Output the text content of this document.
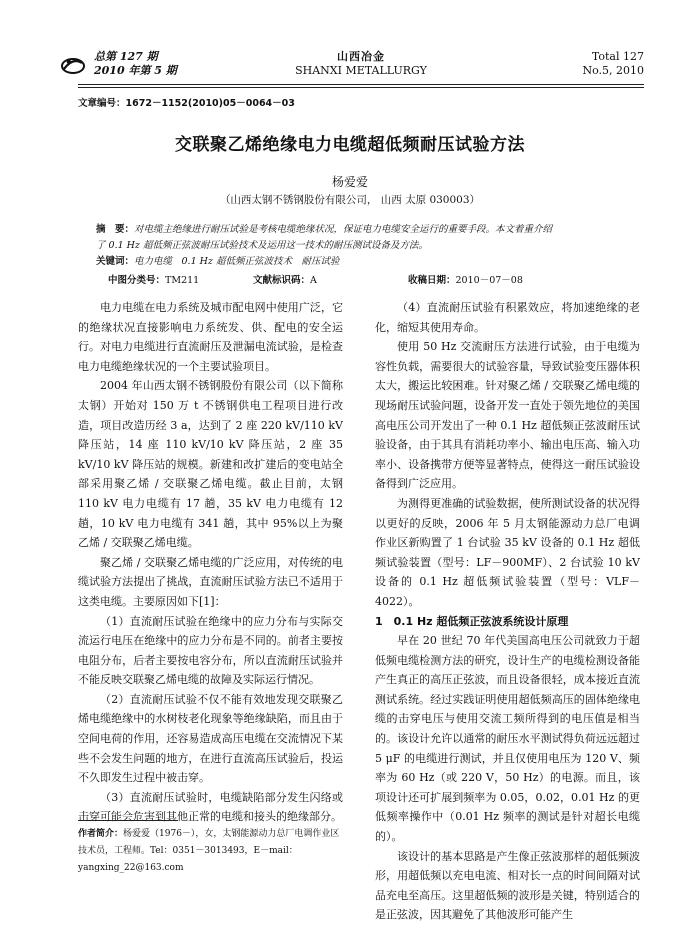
总第 127 期
2010 年第 5 期
山西冶金
SHANXI METALLURGY
Total 127
No.5, 2010
文章编号：1672－1152(2010)05－0064－03
交联聚乙烯绝缘电力电缆超低频耐压试验方法
杨爱爱
（山西太钢不锈钢股份有限公司， 山西 太原 030003）
摘　要：对电缆主绝缘进行耐压试验是考核电缆绝缘状况，保证电力电缆安全运行的重要手段。本文着重介绍
了 0.1 Hz 超低频正弦波耐压试验技术及运用这一技术的耐压测试设备及方法。
关键词：电力电缆　0.1 Hz 超低频正弦波技术　耐压试验
中图分类号：TM211	文献标识码：A	收稿日期：2010－07－08

电力电缆在电力系统及城市配电网中使用广泛，它的绝缘状况直接影响电力系统发、供、配电的安全运行。对电力电缆进行直流耐压及泄漏电流试验，是检查电力电缆绝缘状况的一个主要试验项目。

2004 年山西太钢不锈钢股份有限公司（以下简称太钢）开始对 150 万 t 不锈钢供电工程项目进行改造，项目改造历经 3 a，达到了 2 座 220 kV/110 kV 降压站，14 座 110 kV/10 kV 降压站，2 座 35 kV/10 kV 降压站的规模。新建和改扩建后的变电站全部采用聚乙烯 / 交联聚乙烯电缆。截止目前，太钢 110 kV 电力电缆有 17 趟，35 kV 电力电缆有 12 趟，10 kV 电力电缆有 341 趟，其中 95%以上为聚乙烯 / 交联聚乙烯电缆。

聚乙烯 / 交联聚乙烯电缆的广泛应用，对传统的电缆试验方法提出了挑战，直流耐压试验方法已不适用于这类电缆。主要原因如下[1]：

（1）直流耐压试验在绝缘中的应力分布与实际交流运行电压在绝缘中的应力分布是不同的。前者主要按电阻分布，后者主要按电容分布，所以直流耐压试验并不能反映交联聚乙烯电缆的故障及实际运行情况。

（2）直流耐压试验不仅不能有效地发现交联聚乙烯电缆绝缘中的水树枝老化现象等绝缘缺陷，而且由于空间电荷的作用，还容易造成高压电缆在交流情况下某些不会发生问题的地方，在进行直流高压试验后，投运不久即发生过程中被击穿。

（3）直流耐压试验时，电缆缺陷部分发生闪络或击穿可能会危害到其他正常的电缆和接头的绝缘部分。

（4）直流耐压试验有积累效应，将加速绝缘的老化，缩短其使用寿命。

使用 50 Hz 交流耐压方法进行试验，由于电缆为容性负载，需要很大的试验容量，导致试验变压器体积太大，搬运比较困难。针对聚乙烯 / 交联聚乙烯电缆的现场耐压试验问题，设备开发一直处于领先地位的美国高电压公司开发出了一种 0.1 Hz 超低频正弦波耐压试验设备，由于其具有消耗功率小、输出电压高、输入功率小、设备携带方便等显著特点，使得这一耐压试验设备得到广泛应用。

为测得更准确的试验数据，使所测试设备的状况得以更好的反映，2006 年 5 月太钢能源动力总厂电调作业区新购置了 1 台试验 35 kV 设备的 0.1 Hz 超低频试验装置（型号：LF－900MF）、2 台试验 10 kV 设备的 0.1 Hz 超低频试验装置（型号：VLF－4022）。

1　0.1 Hz 超低频正弦波系统设计原理

早在 20 世纪 70 年代美国高电压公司就致力于超低频电缆检测方法的研究，设计生产的电缆检测设备能产生真正的高压正弦波，而且设备很轻，成本接近直流测试系统。经过实践证明使用超低频高压的固体绝缘电缆的击穿电压与使用交流工频所得到的电压值是相当的。该设计允许以通常的耐压水平测试得负荷远远超过 5 μF 的电缆进行测试，并且仅使用电压为 120 V、频率为 60 Hz（或 220 V，50 Hz）的电源。而且，该项设计还可扩展到频率为 0.05，0.02，0.01 Hz 的更低频率操作中（0.01 Hz 频率的测试是针对超长电缆的）。

该设计的基本思路是产生像正弦波那样的超低频波形，用超低频以充电电流、相对长一点的时间间隔对试品充电至高压。这里超低频的波形是关键，特别适合的是正弦波，因其避免了其他波形可能产生

作者简介：杨爱爱（1976－），女，太钢能源动力总厂电调作业区技术员，工程师。Tel：0351－3013493，E－mail：yangxing_22@163.com
